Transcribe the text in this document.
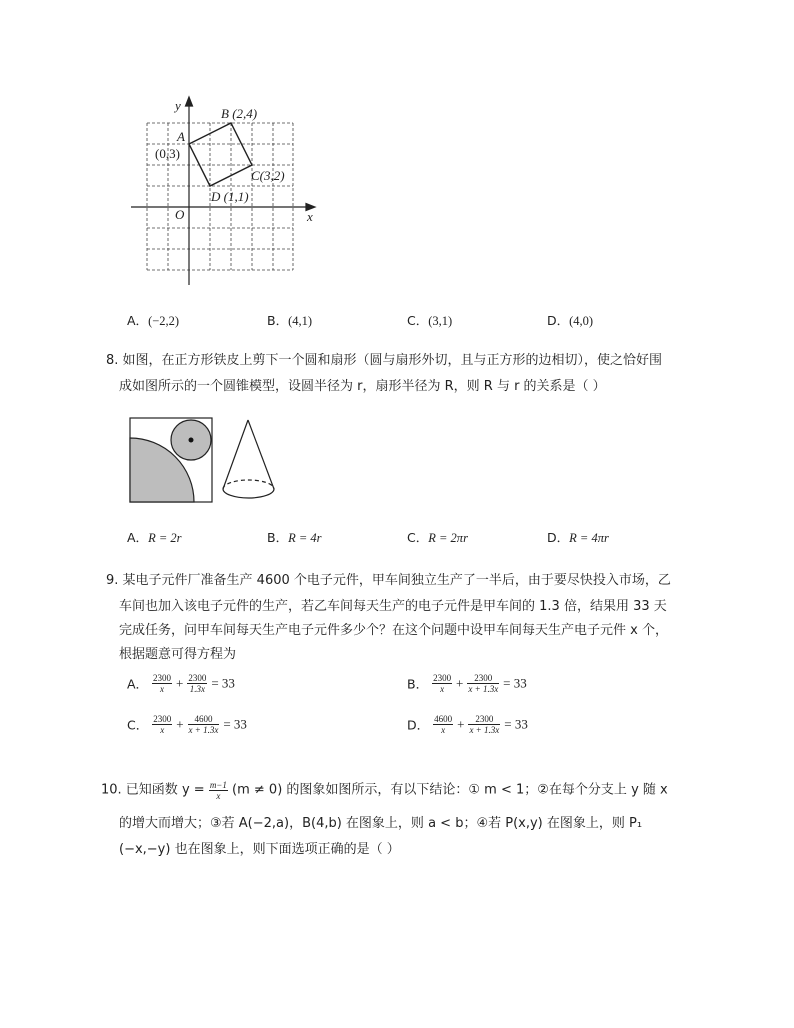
y
x
O
A
(0,3)
B (2,4)
C(3,2)
D (1,1)
A．(−2,2)	B．(4,1)	C．(3,1)	D．(4,0)
8. 如图，在正方形铁皮上剪下一个圆和扇形（圆与扇形外切，且与正方形的边相切），使之恰好围
成如图所示的一个圆锥模型，设圆半径为 r，扇形半径为 R，则 R 与 r 的关系是（ ）
A．R = 2r	B．R = 4r	C．R = 2πr	D．R = 4πr
9. 某电子元件厂准备生产 4600 个电子元件，甲车间独立生产了一半后，由于要尽快投入市场，乙
车间也加入该电子元件的生产，若乙车间每天生产的电子元件是甲车间的 1.3 倍，结果用 33 天
完成任务，问甲车间每天生产电子元件多少个？在这个问题中设甲车间每天生产电子元件 x 个，
根据题意可得方程为
A． $\frac{2300}{x} + \frac{2300}{1.3x} = 33$	B． $\frac{2300}{x} + \frac{2300}{x + 1.3x} = 33$
C． $\frac{2300}{x} + \frac{4600}{x + 1.3x} = 33$	D． $\frac{4600}{x} + \frac{2300}{x + 1.3x} = 33$
10. 已知函数 $y = \frac{m-1}{x} (m \ne 0)$ 的图象如图所示，有以下结论：① m < 1；②在每个分支上 y 随 x
的增大而增大；③若 A(−2,a)，B(4,b) 在图象上，则 a < b；④若 P(x,y) 在图象上，则 P₁
(−x,−y) 也在图象上，则下面选项正确的是（ ）
